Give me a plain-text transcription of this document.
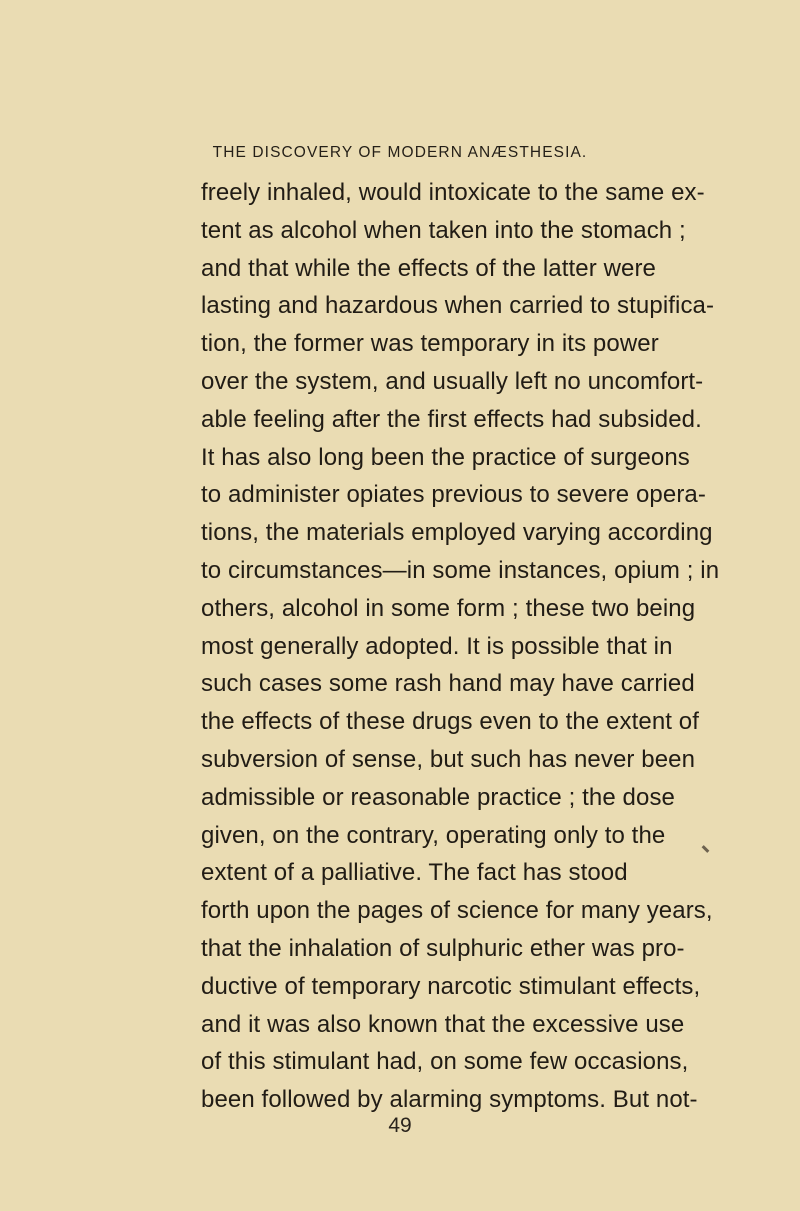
THE DISCOVERY OF MODERN ANÆSTHESIA.
freely inhaled, would intoxicate to the same ex-
tent as alcohol when taken into the stomach ;
and that while the effects of the latter were
lasting and hazardous when carried to stupifica-
tion, the former was temporary in its power
over the system, and usually left no uncomfort-
able feeling after the first effects had subsided.
It has also long been the practice of surgeons
to administer opiates previous to severe opera-
tions, the materials employed varying according
to circumstances—in some instances, opium ; in
others, alcohol in some form ; these two being
most generally adopted. It is possible that in
such cases some rash hand may have carried
the effects of these drugs even to the extent of
subversion of sense, but such has never been
admissible or reasonable practice ; the dose
given, on the contrary, operating only to the
extent of a palliative. The fact has stood
forth upon the pages of science for many years,
that the inhalation of sulphuric ether was pro-
ductive of temporary narcotic stimulant effects,
and it was also known that the excessive use
of this stimulant had, on some few occasions,
been followed by alarming symptoms. But not-
49
